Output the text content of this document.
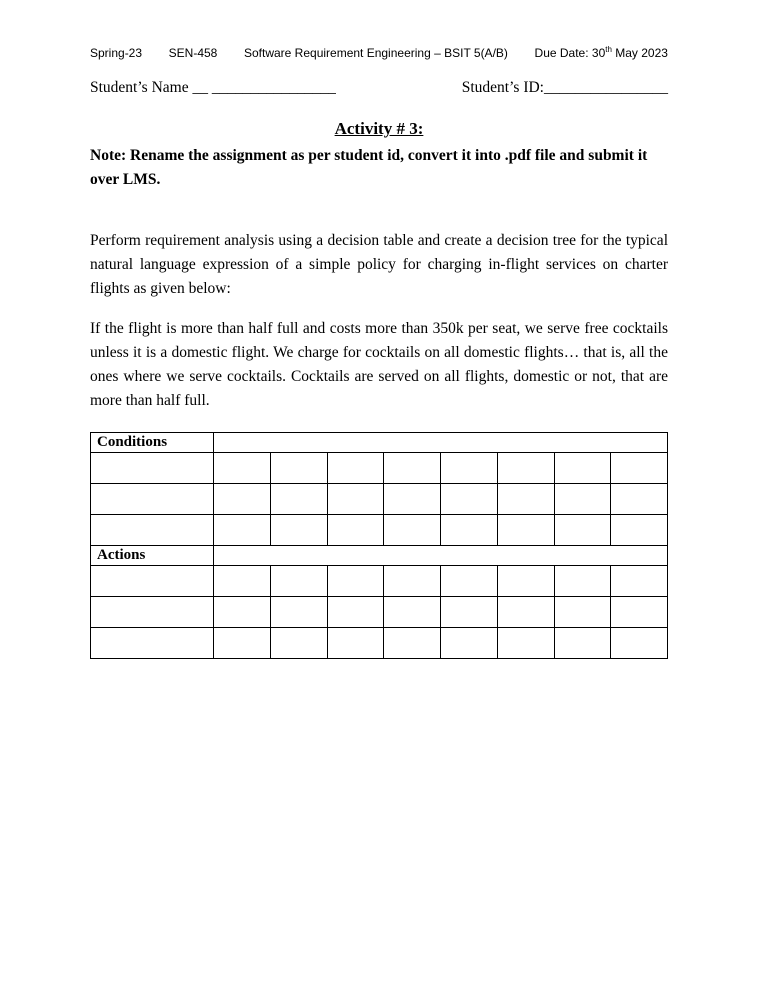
Spring-23 SEN-458 Software Requirement Engineering – BSIT 5(A/B) Due Date: 30th May 2023
Student’s Name __ ________________	Student’s ID:________________
Activity # 3:
Note: Rename the assignment as per student id, convert it into .pdf file and submit it over LMS.

Perform requirement analysis using a decision table and create a decision tree for the typical natural language expression of a simple policy for charging in-flight services on charter flights as given below:

If the flight is more than half full and costs more than 350k per seat, we serve free cocktails unless it is a domestic flight. We charge for cocktails on all domestic flights… that is, all the ones where we serve cocktails. Cocktails are served on all flights, domestic or not, that are more than half full.

Conditions								

Actions								
